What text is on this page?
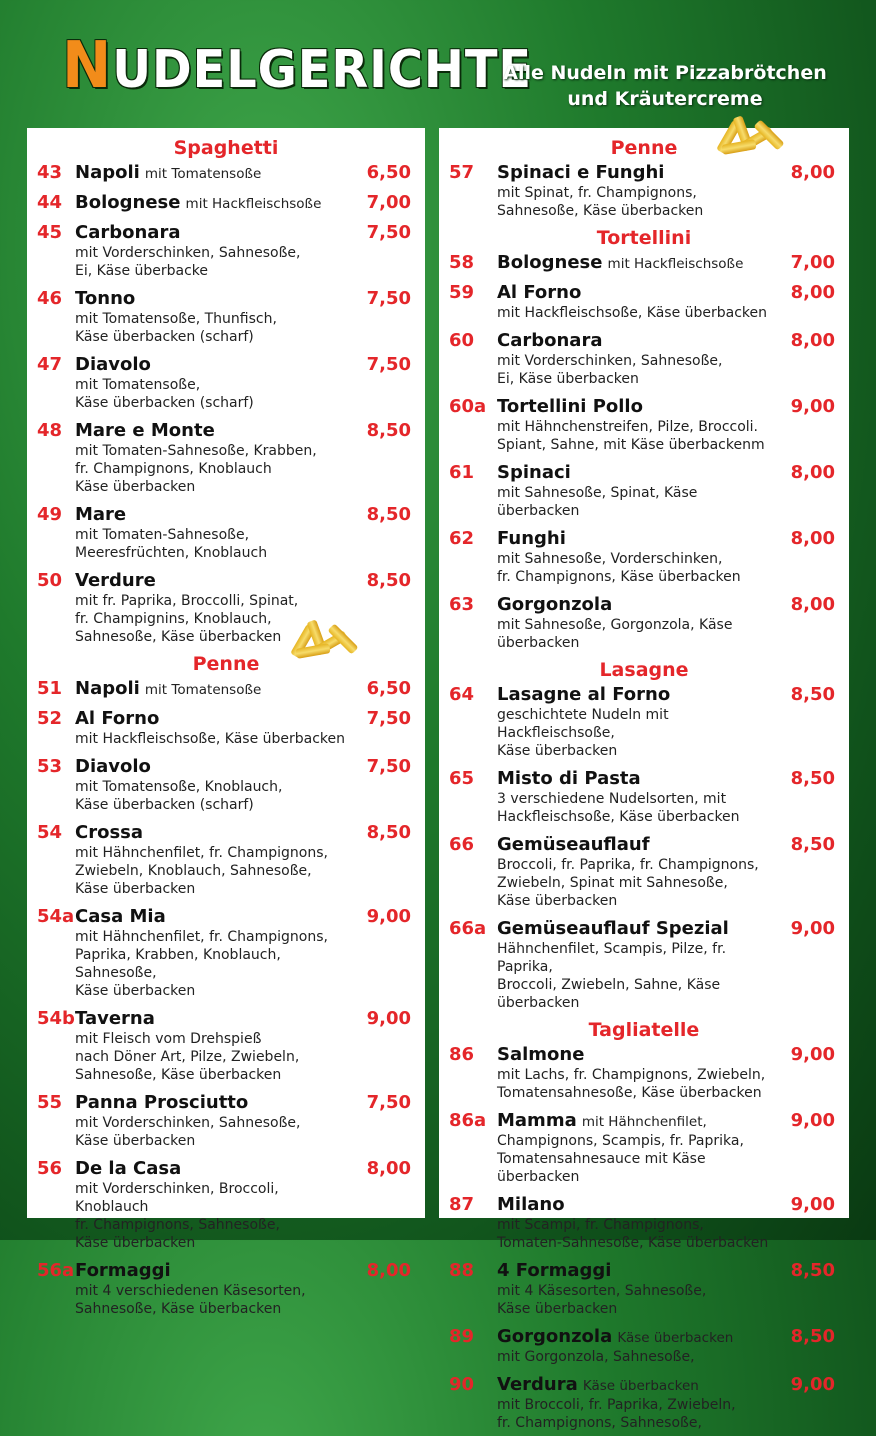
NUDELGERICHTE
Alle Nudeln mit Pizzabrötchen
und Kräutercreme
Spaghetti
43 Napoli mit Tomatensoße	6,50
44 Bolognese mit Hackfleischsoße	7,00
45 Carbonara	7,50
mit Vorderschinken, Sahnesoße,
Ei, Käse überbacke
46 Tonno	7,50
mit Tomatensoße, Thunfisch,
Käse überbacken (scharf)
47 Diavolo	7,50
mit Tomatensoße,
Käse überbacken (scharf)
48 Mare e Monte	8,50
mit Tomaten-Sahnesoße, Krabben,
fr. Champignons, Knoblauch
Käse überbacken
49 Mare	8,50
mit Tomaten-Sahnesoße,
Meeresfrüchten, Knoblauch
50 Verdure	8,50
mit fr. Paprika, Broccolli, Spinat,
fr. Champignins, Knoblauch,
Sahnesoße, Käse überbacken
Penne
51 Napoli mit Tomatensoße	6,50
52 Al Forno	7,50
mit Hackfleischsoße, Käse überbacken
53 Diavolo	7,50
mit Tomatensoße, Knoblauch,
Käse überbacken (scharf)
54 Crossa	8,50
mit Hähnchenfilet, fr. Champignons,
Zwiebeln, Knoblauch, Sahnesoße,
Käse überbacken
54a Casa Mia	9,00
mit Hähnchenfilet, fr. Champignons,
Paprika, Krabben, Knoblauch, Sahnesoße,
Käse überbacken
54b Taverna	9,00
mit Fleisch vom Drehspieß
nach Döner Art, Pilze, Zwiebeln,
Sahnesoße, Käse überbacken
55 Panna Prosciutto	7,50
mit Vorderschinken, Sahnesoße,
Käse überbacken
56 De la Casa	8,00
mit Vorderschinken, Broccoli, Knoblauch
fr. Champignons, Sahnesoße,
Käse überbacken
56a Formaggi	8,00
mit 4 verschiedenen Käsesorten,
Sahnesoße, Käse überbacken
Penne
57 Spinaci e Funghi	8,00
mit Spinat, fr. Champignons,
Sahnesoße, Käse überbacken
Tortellini
58 Bolognese mit Hackfleischsoße	7,00
59 Al Forno	8,00
mit Hackfleischsoße, Käse überbacken
60 Carbonara	8,00
mit Vorderschinken, Sahnesoße,
Ei, Käse überbacken
60a Tortellini Pollo	9,00
mit Hähnchenstreifen, Pilze, Broccoli.
Spiant, Sahne, mit Käse überbackenm
61 Spinaci	8,00
mit Sahnesoße, Spinat, Käse überbacken
62 Funghi	8,00
mit Sahnesoße, Vorderschinken,
fr. Champignons, Käse überbacken
63 Gorgonzola	8,00
mit Sahnesoße, Gorgonzola, Käse überbacken
Lasagne
64 Lasagne al Forno	8,50
geschichtete Nudeln mit Hackfleischsoße,
Käse überbacken
65 Misto di Pasta	8,50
3 verschiedene Nudelsorten, mit
Hackfleischsoße, Käse überbacken
66 Gemüseauflauf	8,50
Broccoli, fr. Paprika, fr. Champignons,
Zwiebeln, Spinat mit Sahnesoße,
Käse überbacken
66a Gemüseauflauf Spezial	9,00
Hähnchenfilet, Scampis, Pilze, fr. Paprika,
Broccoli, Zwiebeln, Sahne, Käse überbacken
Tagliatelle
86 Salmone	9,00
mit Lachs, fr. Champignons, Zwiebeln,
Tomatensahnesoße, Käse überbacken
86a Mamma mit Hähnchenfilet,	9,00
Champignons, Scampis, fr. Paprika,
Tomatensahnesauce mit Käse überbacken
87 Milano	9,00
mit Scampi, fr. Champignons,
Tomaten-Sahnesoße, Käse überbacken
88 4 Formaggi	8,50
mit 4 Käsesorten, Sahnesoße,
Käse überbacken
89 Gorgonzola Käse überbacken	8,50
mit Gorgonzola, Sahnesoße,
90 Verdura Käse überbacken	9,00
mit Broccoli, fr. Paprika, Zwiebeln,
fr. Champignons, Sahnesoße,
